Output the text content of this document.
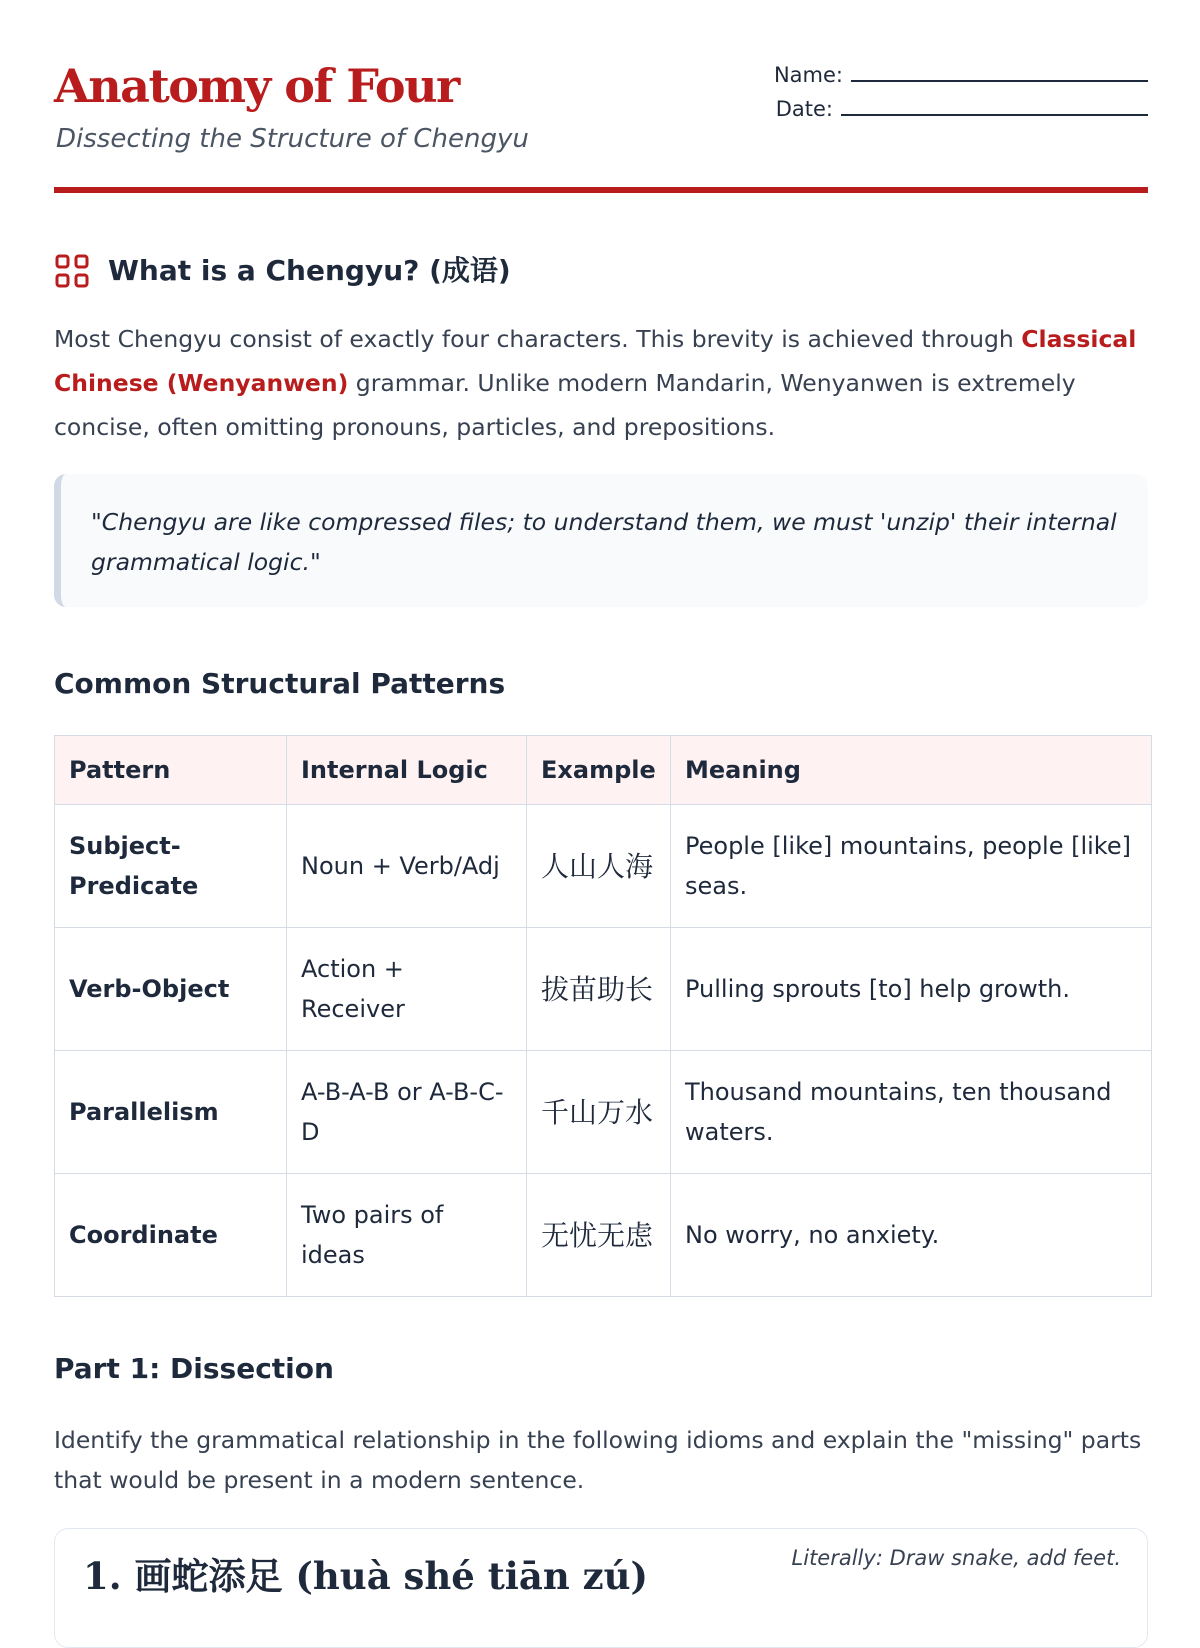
Anatomy of Four

Dissecting the Structure of Chengyu

Name:
Date:
What is a Chengyu? (成语)

Most Chengyu consist of exactly four characters. This brevity is achieved through Classical Chinese (Wenyanwen) grammar. Unlike modern Mandarin, Wenyanwen is extremely concise, often omitting pronouns, particles, and prepositions.

"Chengyu are like compressed files; to understand them, we must 'unzip' their internal grammatical logic."

Common Structural Patterns
Pattern	Internal Logic	Example	Meaning
Subject-Predicate	Noun + Verb/Adj	人山人海	People [like] mountains, people [like] seas.
Verb-Object	Action + Receiver	拔苗助长	Pulling sprouts [to] help growth.
Parallelism	A-B-A-B or A-B-C-D	千山万水	Thousand mountains, ten thousand waters.
Coordinate	Two pairs of ideas	无忧无虑	No worry, no anxiety.
Part 1: Dissection

Identify the grammatical relationship in the following idioms and explain the "missing" parts that would be present in a modern sentence.

1. 画蛇添足 (huà shé tiān zú)	Literally: Draw snake, add feet.
